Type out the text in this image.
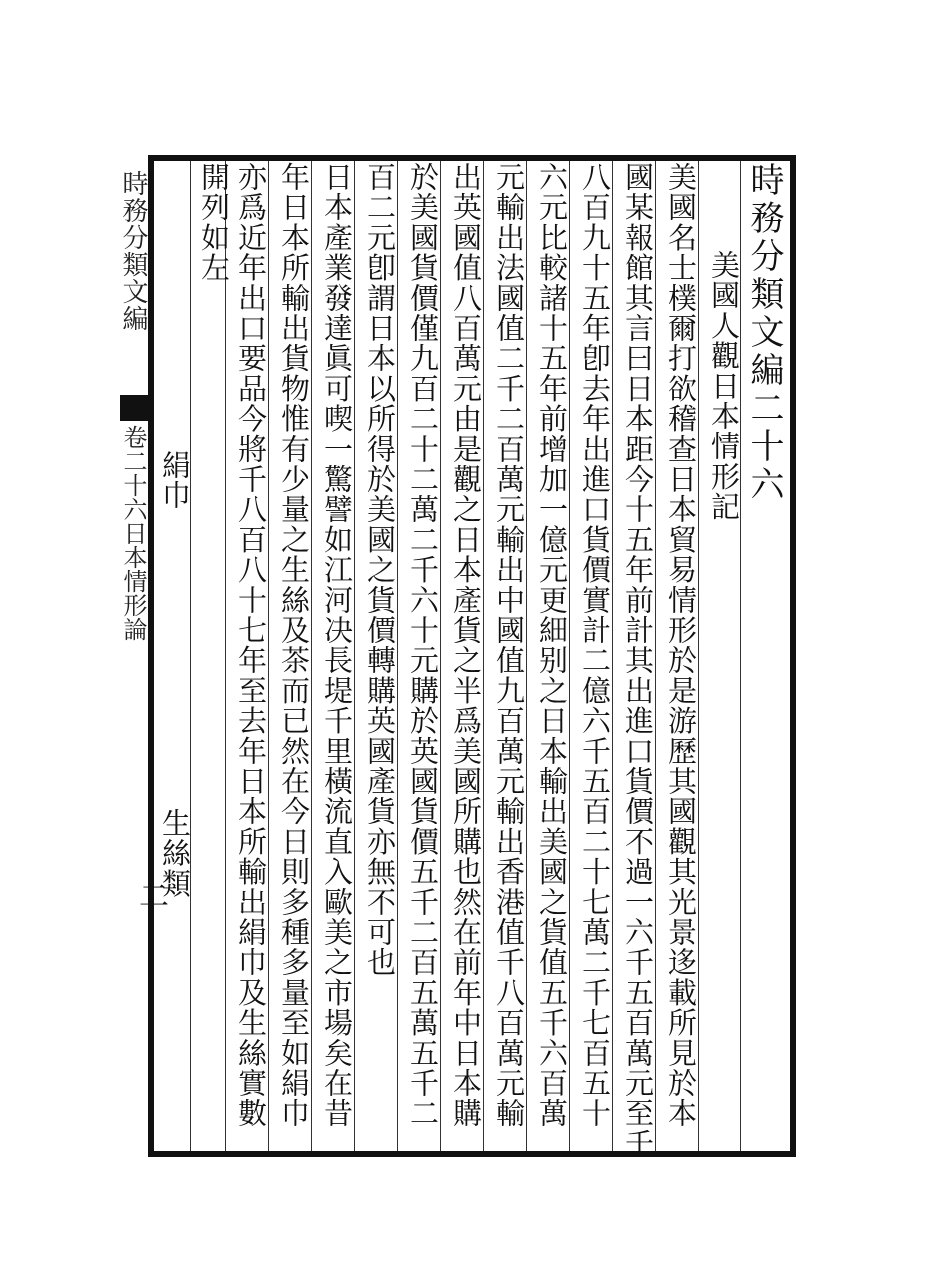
時務分類文編
卷二十六日本情形論
時務分類文編二十六
美國人觀日本情形記
美國名士樸爾打欲稽查日本貿易情形於是游歷其國觀其光景迻載所見於本
國某報館其言曰日本距今十五年前計其出進口貨價不過一六千五百萬元至千
八百九十五年卽去年出進口貨價實計二億六千五百二十七萬二千七百五十
六元比較諸十五年前增加一億元更細别之日本輸出美國之貨值五千六百萬
元輸出法國值二千二百萬元輸出中國值九百萬元輸出香港值千八百萬元輸
出英國值八百萬元由是觀之日本產貨之半爲美國所購也然在前年中日本購
於美國貨價僅九百二十二萬二千六十元購於英國貨價五千二百五萬五千二
百二元卽謂日本以所得於美國之貨價轉購英國產貨亦無不可也
日本產業發達眞可喫一驚譬如江河决長堤千里橫流直入歐美之市場矣在昔
年日本所輸出貨物惟有少量之生絲及茶而已然在今日則多種多量至如絹巾
亦爲近年出口要品今將千八百八十七年至去年日本所輸出絹巾及生絲實數
開列如左
絹巾
生絲類
二
